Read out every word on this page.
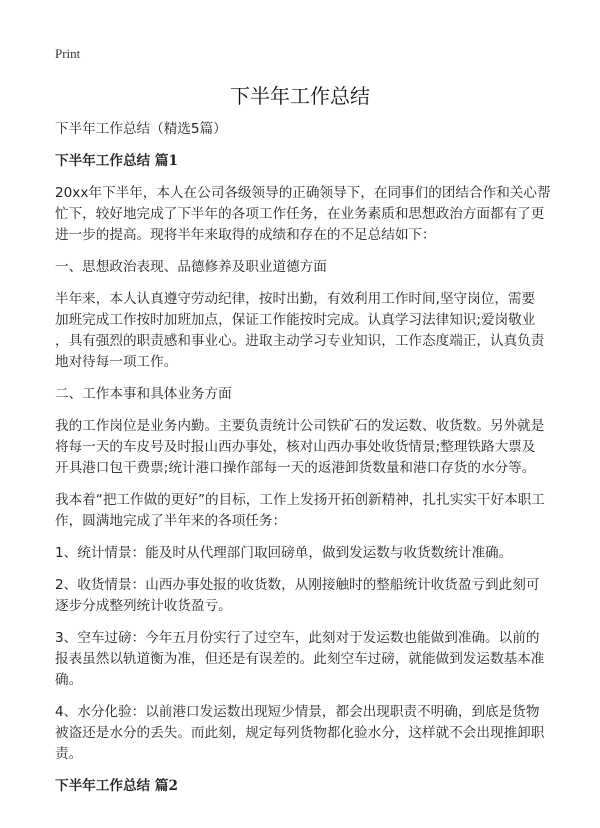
Print
下半年工作总结

下半年工作总结（精选5篇）

下半年工作总结 篇1

20xx年下半年，本人在公司各级领导的正确领导下，在同事们的团结合作和关心帮
忙下，较好地完成了下半年的各项工作任务，在业务素质和思想政治方面都有了更
进一步的提高。现将半年来取得的成绩和存在的不足总结如下：

一、思想政治表现、品德修养及职业道德方面

半年来，本人认真遵守劳动纪律，按时出勤，有效利用工作时间,坚守岗位，需要
加班完成工作按时加班加点，保证工作能按时完成。认真学习法律知识;爱岗敬业
，具有强烈的职责感和事业心。进取主动学习专业知识，工作态度端正，认真负责
地对待每一项工作。

二、工作本事和具体业务方面

我的工作岗位是业务内勤。主要负责统计公司铁矿石的发运数、收货数。另外就是
将每一天的车皮号及时报山西办事处，核对山西办事处收货情景;整理铁路大票及
开具港口包干费票;统计港口操作部每一天的返港卸货数量和港口存货的水分等。

我本着“把工作做的更好”的目标，工作上发扬开拓创新精神，扎扎实实干好本职工
作，圆满地完成了半年来的各项任务：

1、统计情景：能及时从代理部门取回磅单，做到发运数与收货数统计准确。

2、收货情景：山西办事处报的收货数，从刚接触时的整船统计收货盈亏到此刻可
逐步分成整列统计收货盈亏。

3、空车过磅：今年五月份实行了过空车，此刻对于发运数也能做到准确。以前的
报表虽然以轨道衡为准，但还是有误差的。此刻空车过磅，就能做到发运数基本准
确。

4、水分化验：以前港口发运数出现短少情景，都会出现职责不明确，到底是货物
被盗还是水分的丢失。而此刻，规定每列货物都化验水分，这样就不会出现推卸职
责。

下半年工作总结 篇2
